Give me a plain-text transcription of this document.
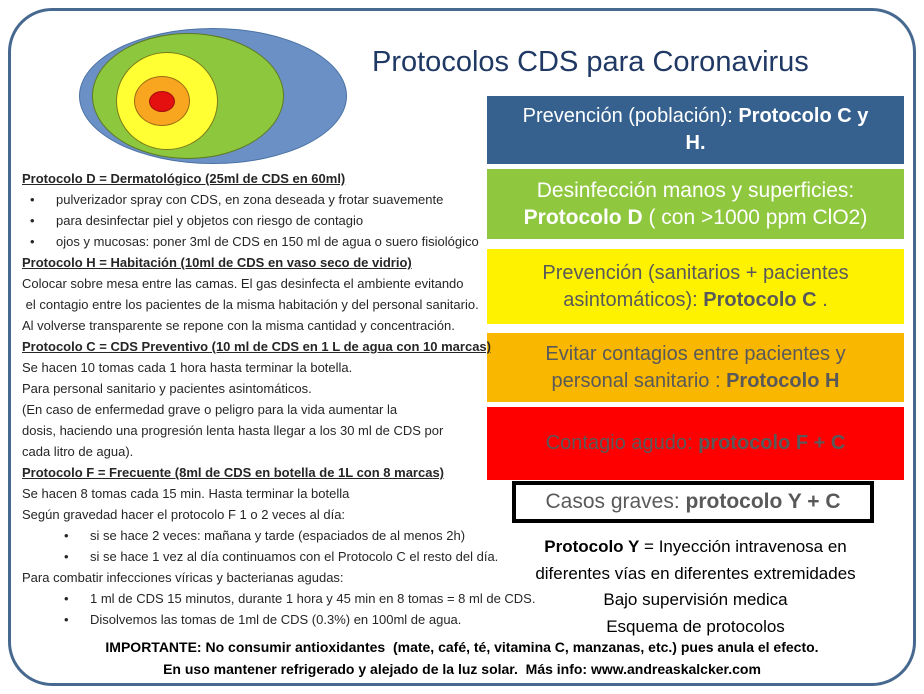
Protocolos CDS para Coronavirus
Prevención (población): Protocolo C y
H.
Desinfección manos y superficies:
Protocolo D ( con >1000 ppm ClO2)
Prevención (sanitarios + pacientes
asintomáticos): Protocolo C .
Evitar contagios entre pacientes y
personal sanitario : Protocolo H
Contagio agudo: protocolo F + C
Casos graves: protocolo Y + C
Protocolo Y = Inyección intravenosa en
diferentes vías en diferentes extremidades
Bajo supervisión medica
Esquema de protocolos
Protocolo D = Dermatológico (25ml de CDS en 60ml)
•	pulverizador spray con CDS, en zona deseada y frotar suavemente
•	para desinfectar piel y objetos con riesgo de contagio
•	ojos y mucosas: poner 3ml de CDS en 150 ml de agua o suero fisiológico
Protocolo H = Habitación (10ml de CDS en vaso seco de vidrio)
Colocar sobre mesa entre las camas. El gas desinfecta el ambiente evitando
el contagio entre los pacientes de la misma habitación y del personal sanitario.
Al volverse transparente se repone con la misma cantidad y concentración.
Protocolo C = CDS Preventivo (10 ml de CDS en 1 L de agua con 10 marcas)
Se hacen 10 tomas cada 1 hora hasta terminar la botella.
Para personal sanitario y pacientes asintomáticos.
(En caso de enfermedad grave o peligro para la vida aumentar la
dosis, haciendo una progresión lenta hasta llegar a los 30 ml de CDS por
cada litro de agua).
Protocolo F = Frecuente (8ml de CDS en botella de 1L con 8 marcas)
Se hacen 8 tomas cada 15 min. Hasta terminar la botella
Según gravedad hacer el protocolo F 1 o 2 veces al día:
•	si se hace 2 veces: mañana y tarde (espaciados de al menos 2h)
•	si se hace 1 vez al día continuamos con el Protocolo C el resto del día.
Para combatir infecciones víricas y bacterianas agudas:
•	1 ml de CDS 15 minutos, durante 1 hora y 45 min en 8 tomas = 8 ml de CDS.
•	Disolvemos las tomas de 1ml de CDS (0.3%) en 100ml de agua.
IMPORTANTE: No consumir antioxidantes  (mate, café, té, vitamina C, manzanas, etc.) pues anula el efecto.
En uso mantener refrigerado y alejado de la luz solar.  Más info: www.andreaskalcker.com
